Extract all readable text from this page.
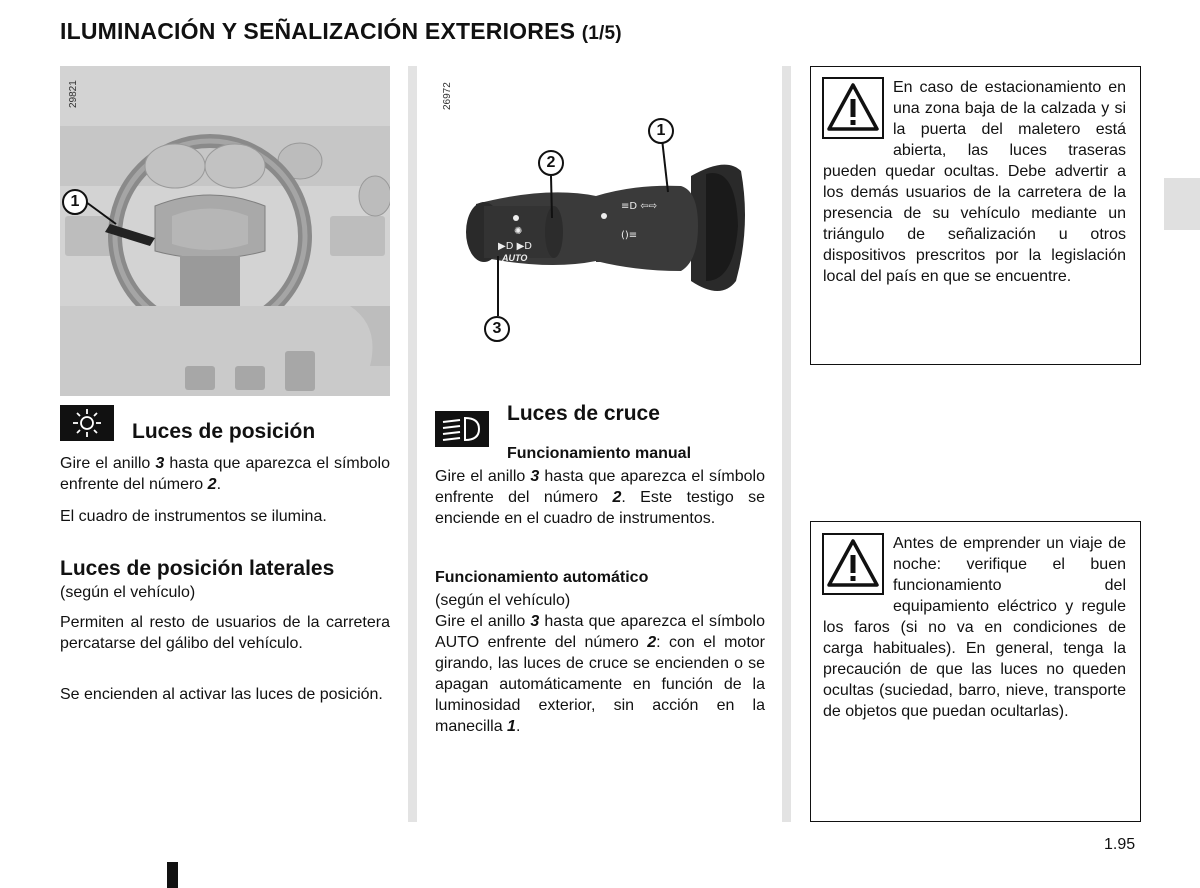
ILUMINACIÓN Y SEÑALIZACIÓN EXTERIORES (1/5)
29821
1
26972
✺
▶D ▶D
≡D ⇦⇨
()≡
AUTO
1
2
3
Luces de posición
Gire el anillo 3 hasta que aparezca el símbolo enfrente del número 2.
El cuadro de instrumentos se ilumina.
Luces de posición laterales
(según el vehículo)
Permiten al resto de usuarios de la carretera percatarse del gálibo del vehículo.
Se encienden al activar las luces de posición.
Luces de cruce
Funcionamiento manual
Gire el anillo 3 hasta que aparezca el símbolo enfrente del número 2. Este testigo se enciende en el cuadro de instrumentos.
Funcionamiento automático
(según el vehículo)
Gire el anillo 3 hasta que aparezca el símbolo AUTO enfrente del número 2: con el motor girando, las luces de cruce se encienden o se apagan automáticamente en función de la luminosidad exterior, sin acción en la manecilla 1.
En caso de estacionamiento en una zona baja de la calzada y si la puerta del maletero está abierta, las luces traseras pueden quedar ocultas. Debe advertir a los demás usuarios de la carretera de la presencia de su vehículo mediante un triángulo de señalización u otros dispositivos prescritos por la legislación local del país en que se encuentre.
Antes de emprender un viaje de noche: verifique el buen funcionamiento del equipamiento eléctrico y regule los faros (si no va en condiciones de carga habituales). En general, tenga la precaución de que las luces no queden ocultas (suciedad, barro, nieve, transporte de objetos que puedan ocultarlas).
1.95
